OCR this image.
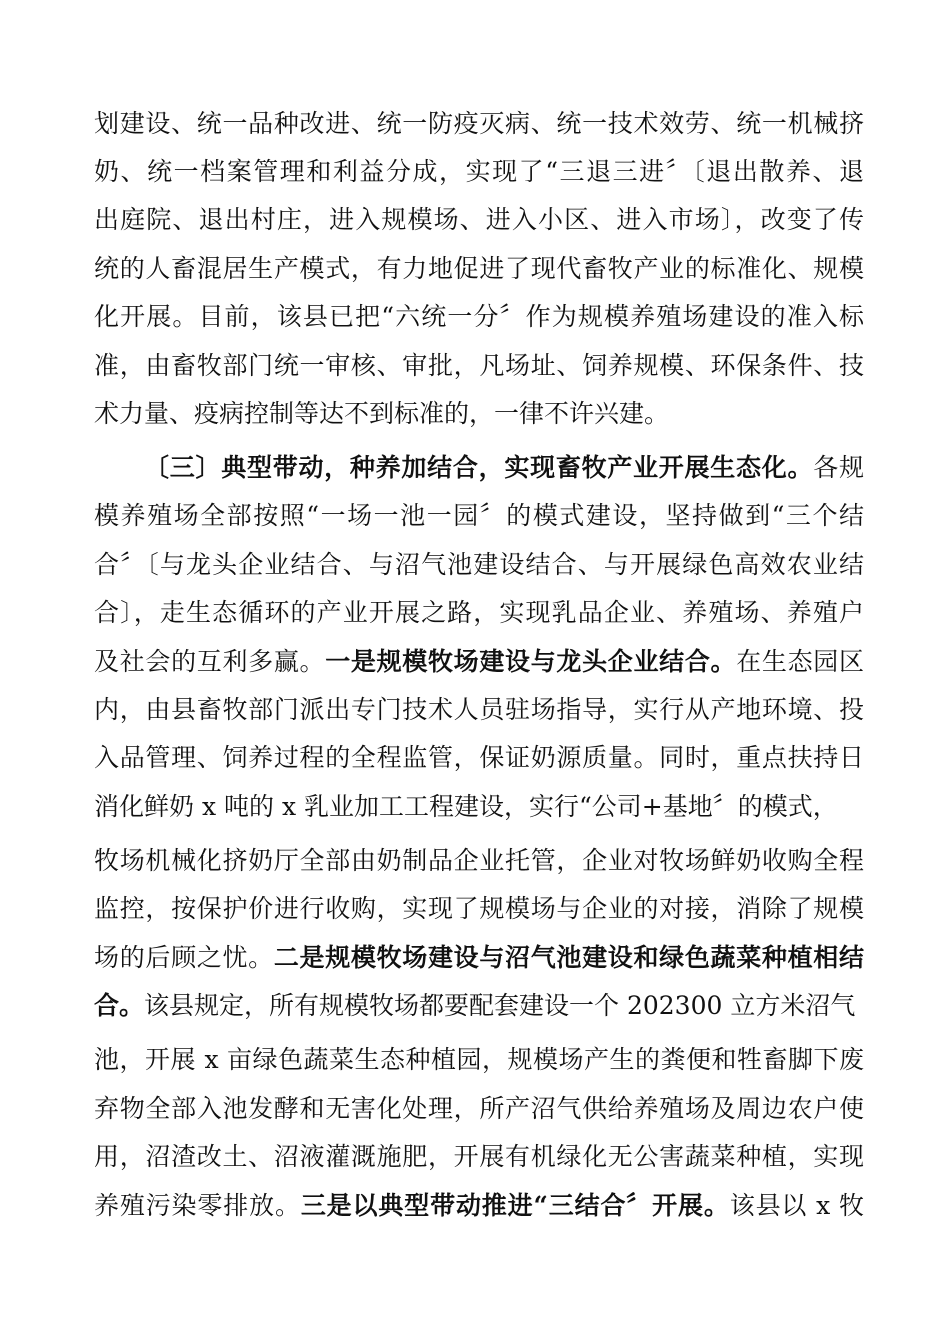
划建设、统一品种改进、统一防疫灭病、统一技术效劳、统一机械挤
奶、统一档案管理和利益分成，实现了“三退三进〞〔退出散养、退
出庭院、退出村庄，进入规模场、进入小区、进入市场〕，改变了传
统的人畜混居生产模式，有力地促进了现代畜牧产业的标准化、规模
化开展。目前，该县已把“六统一分〞作为规模养殖场建设的准入标
准，由畜牧部门统一审核、审批，凡场址、饲养规模、环保条件、技
术力量、疫病控制等达不到标准的，一律不许兴建。
〔三〕典型带动，种养加结合，实现畜牧产业开展生态化。各规
模养殖场全部按照“一场一池一园〞的模式建设，坚持做到“三个结
合〞〔与龙头企业结合、与沼气池建设结合、与开展绿色高效农业结
合〕，走生态循环的产业开展之路，实现乳品企业、养殖场、养殖户
及社会的互利多赢。一是规模牧场建设与龙头企业结合。在生态园区
内，由县畜牧部门派出专门技术人员驻场指导，实行从产地环境、投
入品管理、饲养过程的全程监管，保证奶源质量。同时，重点扶持日
消化鲜奶 x 吨的 x 乳业加工工程建设，实行“公司+基地〞的模式，
牧场机械化挤奶厅全部由奶制品企业托管，企业对牧场鲜奶收购全程
监控，按保护价进行收购，实现了规模场与企业的对接，消除了规模
场的后顾之忧。二是规模牧场建设与沼气池建设和绿色蔬菜种植相结
合。该县规定，所有规模牧场都要配套建设一个 202300 立方米沼气
池，开展 x 亩绿色蔬菜生态种植园，规模场产生的粪便和牲畜脚下废
弃物全部入池发酵和无害化处理，所产沼气供给养殖场及周边农户使
用，沼渣改土、沼液灌溉施肥，开展有机绿化无公害蔬菜种植，实现
养殖污染零排放。三是以典型带动推进“三结合〞开展。该县以 x 牧
